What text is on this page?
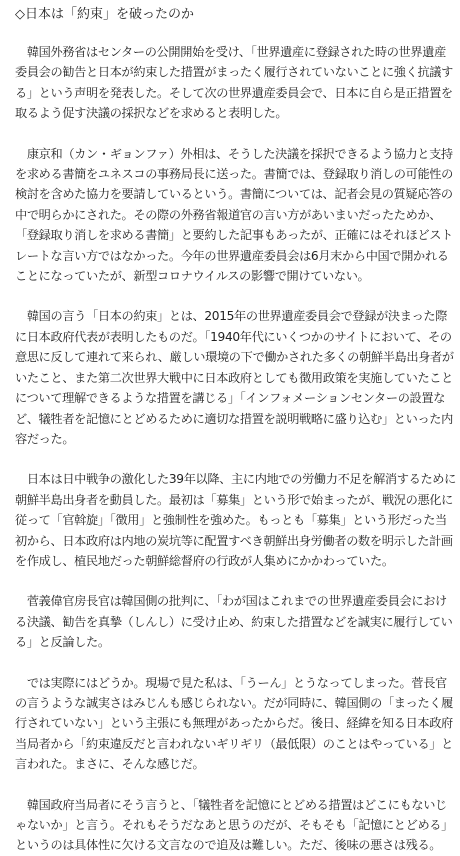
◇日本は「約束」を破ったのか

　韓国外務省はセンターの公開開始を受け、「世界遺産に登録された時の世界遺産
委員会の勧告と日本が約束した措置がまったく履行されていないことに強く抗議す
る」という声明を発表した。そして次の世界遺産委員会で、日本に自ら是正措置を
取るよう促す決議の採択などを求めると表明した。

　康京和（カン・ギョンファ）外相は、そうした決議を採択できるよう協力と支持
を求める書簡をユネスコの事務局長に送った。書簡では、登録取り消しの可能性の
検討を含めた協力を要請しているという。書簡については、記者会見の質疑応答の
中で明らかにされた。その際の外務省報道官の言い方があいまいだったためか、
「登録取り消しを求める書簡」と要約した記事もあったが、正確にはそれほどスト
レートな言い方ではなかった。今年の世界遺産委員会は6月末から中国で開かれる
ことになっていたが、新型コロナウイルスの影響で開けていない。

　韓国の言う「日本の約束」とは、2015年の世界遺産委員会で登録が決まった際
に日本政府代表が表明したものだ。「1940年代にいくつかのサイトにおいて、その
意思に反して連れて来られ、厳しい環境の下で働かされた多くの朝鮮半島出身者が
いたこと、また第二次世界大戦中に日本政府としても徴用政策を実施していたこと
について理解できるような措置を講じる」「インフォメーションセンターの設置な
ど、犠牲者を記憶にとどめるために適切な措置を説明戦略に盛り込む」といった内
容だった。

　日本は日中戦争の激化した39年以降、主に内地での労働力不足を解消するために
朝鮮半島出身者を動員した。最初は「募集」という形で始まったが、戦況の悪化に
従って「官斡旋」「徴用」と強制性を強めた。もっとも「募集」という形だった当
初から、日本政府は内地の炭坑等に配置すべき朝鮮出身労働者の数を明示した計画
を作成し、植民地だった朝鮮総督府の行政が人集めにかかわっていた。

　菅義偉官房長官は韓国側の批判に、「わが国はこれまでの世界遺産委員会におけ
る決議、勧告を真摯（しんし）に受け止め、約束した措置などを誠実に履行してい
る」と反論した。

　では実際にはどうか。現場で見た私は、「うーん」とうなってしまった。菅長官
の言うような誠実さはみじんも感じられない。だが同時に、韓国側の「まったく履
行されていない」という主張にも無理があったからだ。後日、経緯を知る日本政府
当局者から「約束違反だと言われないギリギリ（最低限）のことはやっている」と
言われた。まさに、そんな感じだ。

　韓国政府当局者にそう言うと、「犠牲者を記憶にとどめる措置はどこにもないじ
ゃないか」と言う。それもそうだなあと思うのだが、そもそも「記憶にとどめる」
というのは具体性に欠ける文言なので追及は難しい。ただ、後味の悪さは残る。
